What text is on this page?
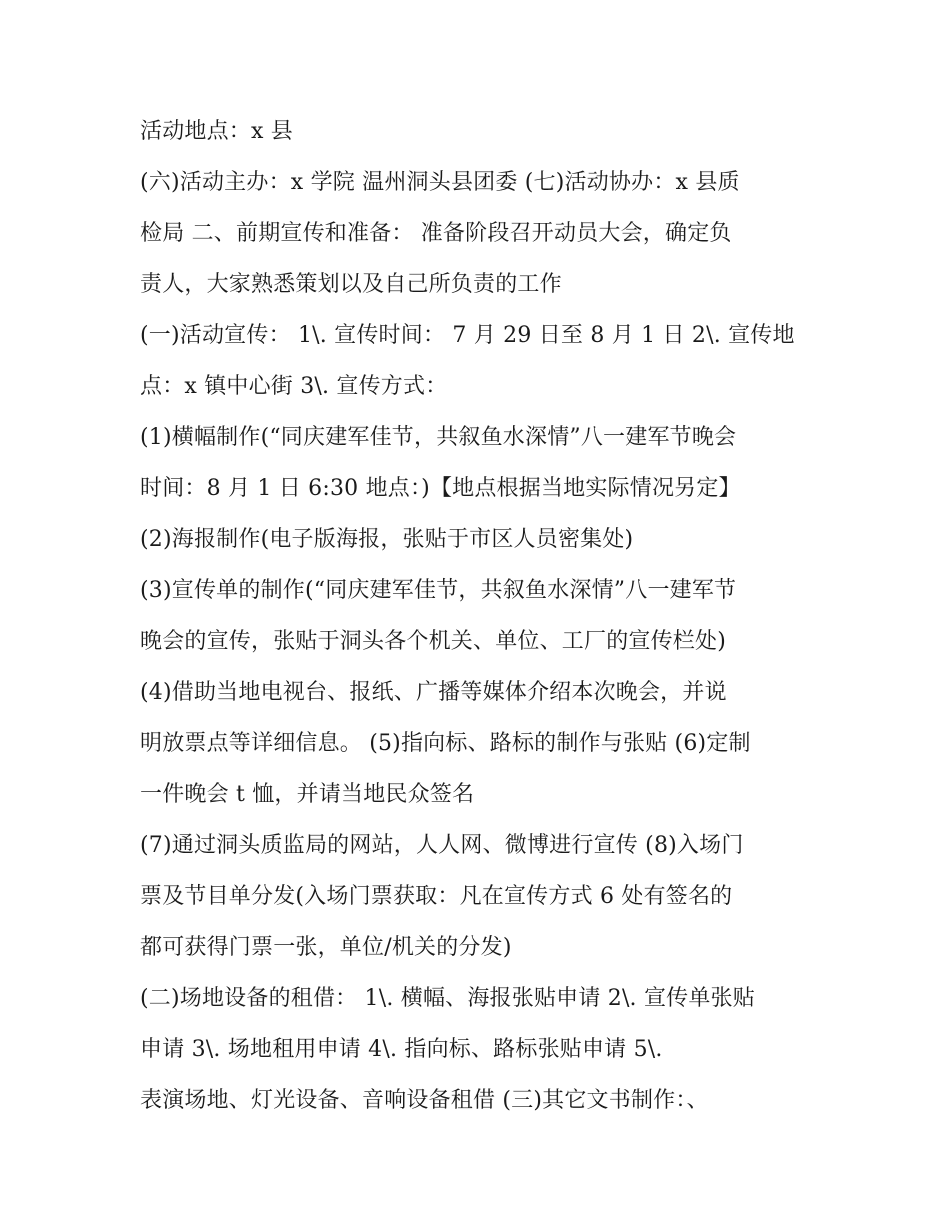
活动地点：x 县
(六)活动主办：x 学院 温州洞头县团委 (七)活动协办：x 县质
检局 二、前期宣传和准备： 准备阶段召开动员大会，确定负
责人，大家熟悉策划以及自己所负责的工作
(一)活动宣传： 1\. 宣传时间： 7 月 29 日至 8 月 1 日 2\. 宣传地
点：x 镇中心街 3\. 宣传方式：
(1)横幅制作(“同庆建军佳节，共叙鱼水深情”八一建军节晚会
时间：8 月 1 日 6:30 地点：)【地点根据当地实际情况另定】
(2)海报制作(电子版海报，张贴于市区人员密集处)
(3)宣传单的制作(“同庆建军佳节，共叙鱼水深情”八一建军节
晚会的宣传，张贴于洞头各个机关、单位、工厂的宣传栏处)
(4)借助当地电视台、报纸、广播等媒体介绍本次晚会，并说
明放票点等详细信息。 (5)指向标、路标的制作与张贴 (6)定制
一件晚会 t 恤，并请当地民众签名
(7)通过洞头质监局的网站，人人网、微博进行宣传 (8)入场门
票及节目单分发(入场门票获取：凡在宣传方式 6 处有签名的
都可获得门票一张，单位/机关的分发)
(二)场地设备的租借： 1\. 横幅、海报张贴申请 2\. 宣传单张贴
申请 3\. 场地租用申请 4\. 指向标、路标张贴申请 5\.
表演场地、灯光设备、音响设备租借 (三)其它文书制作：、
